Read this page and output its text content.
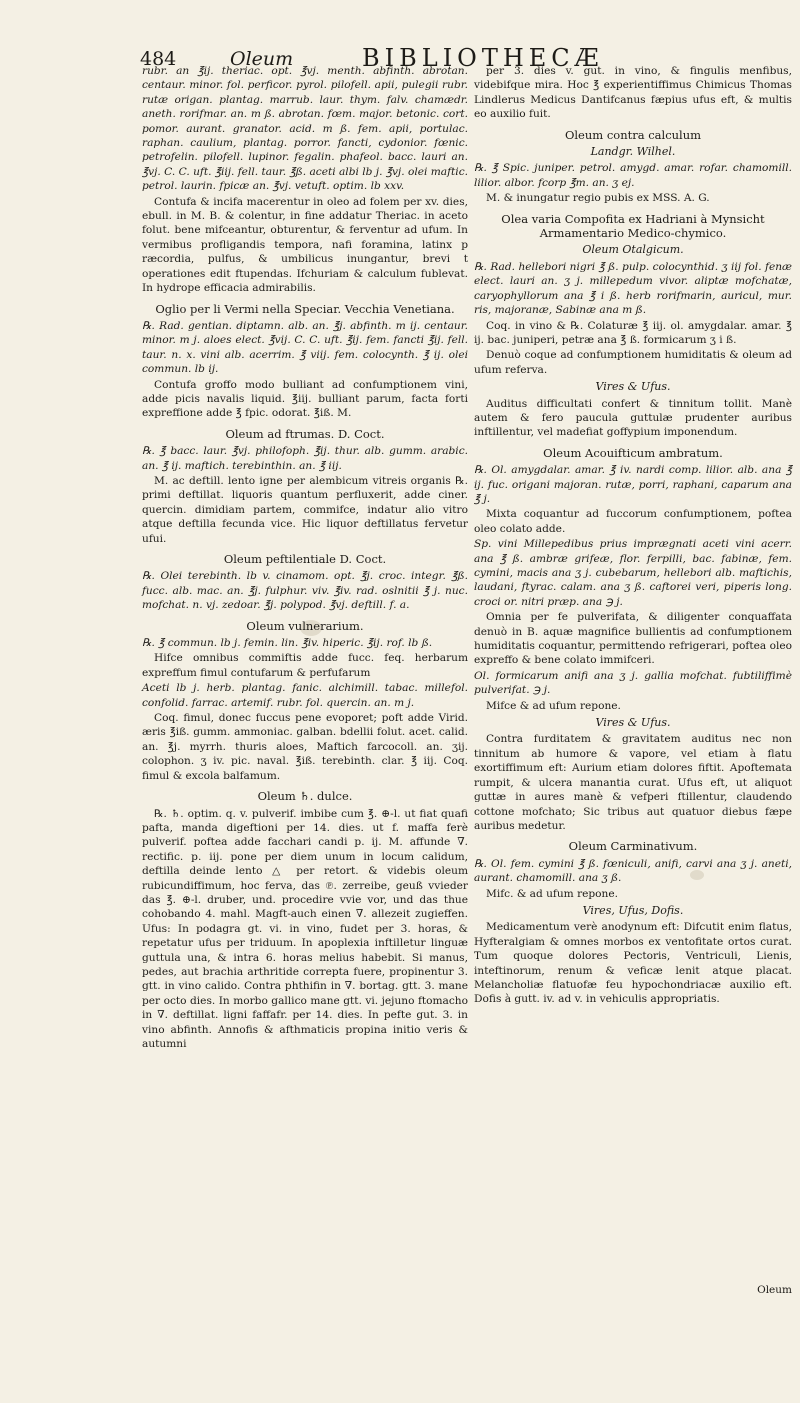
484	Oleum	BIBLIOTHECÆ

rubr. an ℥ij. theriac. opt. ℥vj. menth. abfinth. abrotan. centaur. minor. fol. perficor. pyrol. pilofell. apii, pulegii rubr. rutæ origan. plantag. marrub. laur. thym. falv. chamædr. aneth. rorifmar. an. m ß. abrotan. fœm. major. betonic. cort. pomor. aurant. granator. acid. m ß. fem. apii, portulac. raphan. caulium, plantag. porror. fancti, cydonior. fœnic. petrofelin. pilofell. lupinor. fegalin. phafeol. bacc. lauri an. ℥vj. C. C. uft. ℥iij. fell. taur. ℥ß. aceti albi lb j. ℥vj. olei maftic. petrol. laurin. fpicæ an. ℥vj. vetuft. optim. lb xxv.

Contufa & incifa macerentur in oleo ad folem per xv. dies, ebull. in M. B. & colentur, in fine addatur Theriac. in aceto folut. bene mifceantur, obturentur, & ferventur ad ufum. In vermibus profligandis tempora, nafi foramina, latinx p ræcordia, pulfus, & umbilicus inungantur, brevi t operationes edit ftupendas. Ifchuriam & calculum fublevat. In hydrope efficacia admirabilis.

Oglio per li Vermi nella Speciar. Vecchia Venetiana.

℞. Rad. gentian. diptamn. alb. an. ℥j. abfinth. m ij. centaur. minor. m j. aloes elect. ℥vij. C. C. uft. ℥ij. fem. fancti ℥ij. fell. taur. n. x. vini alb. acerrim. ℥ viij. fem. colocynth. ℥ ij. olei commun. lb ij.

Contufa groffo modo bulliant ad confumptionem vini, adde picis navalis liquid. ℥iij. bulliant parum, facta forti expreffione adde ℥ fpic. odorat. ℥iß. M.

Oleum ad ftrumas. D. Coct.

℞. ℥ bacc. laur. ℥vj. philofoph. ℥ij. thur. alb. gumm. arabic. an. ℥ ij. maftich. terebinthin. an. ℥ iij.

M. ac deftill. lento igne per alembicum vitreis organis ℞. primi deftillat. liquoris quantum perfluxerit, adde ciner. quercin. dimidiam partem, commifce, indatur alio vitro atque deftilla fecunda vice. Hic liquor deftillatus fervetur ufui.

Oleum peftilentiale D. Coct.

℞. Olei terebinth. lb v. cinamom. opt. ℥j. croc. integr. ℥ß. fucc. alb. mac. an. ℥j. fulphur. viv. ℥iv. rad. oslnitii ℥ j. nuc. mofchat. n. vj. zedoar. ℥j. polypod. ℥vj. deftill. f. a.

Oleum vulnerarium.

℞. ℥ commun. lb j. femin. lin. ℥iv. hiperic. ℥ij. rof. lb ß.

Hifce omnibus commiftis adde fucc. feq. herbarum expreffum fimul contufarum & perfufarum

Aceti lb j. herb. plantag. fanic. alchimill. tabac. millefol. confolid. farrac. artemif. rubr. fol. quercin. an. m j.

Coq. fimul, donec fuccus pene evoporet; poft adde Virid. æris ℥iß. gumm. ammoniac. galban. bdellii folut. acet. calid. an. ℥j. myrrh. thuris aloes, Maftich farcocoll. an. ʒij. colophon. ʒ iv. pic. naval. ℥iß. terebinth. clar. ℥ iij. Coq. fimul & excola balfamum.

Oleum ♄. dulce.

℞. ♄. optim. q. v. pulverif. imbibe cum ℥. ⊕-l. ut fiat quafi pafta, manda digeftioni per 14. dies. ut f. maffa ferè pulverif. poftea adde facchari candi p. ij. M. affunde ∇. rectific. p. iij. pone per diem unum in locum calidum, deftilla deinde lento △ per retort. & videbis oleum rubicundiffimum, hoc ferva, das ℗. zerreibe, geuß vvieder das ℥. ⊕-l. druber, und. procedire vvie vor, und das thue cohobando 4. mahl. Magft-auch einen ∇. allezeit zugieffen. Ufus: In podagra gt. vi. in vino, fudet per 3. horas, & repetatur ufus per triduum. In apoplexia inftilletur linguæ guttula una, & intra 6. horas melius habebit. Si manus, pedes, aut brachia arthritide correpta fuere, propinentur 3. gtt. in vino calido. Contra phthifin in ∇. bortag. gtt. 3. mane per octo dies. In morbo gallico mane gtt. vi. jejuno ftomacho in ∇. deftillat. ligni faffafr. per 14. dies. In pefte gut. 3. in vino abfinth. Annofis & afthmaticis propina initio veris & autumni

per 3. dies v. gut. in vino, & fingulis menfibus, videbifque mira. Hoc ℥ experientiffimus Chimicus Thomas Lindlerus Medicus Dantifcanus fæpius ufus eft, & multis eo auxilio fuit.

Oleum contra calculum
Landgr. Wilhel.

℞. ℥ Spic. juniper. petrol. amygd. amar. rofar. chamomill. lilior. albor. fcorp ℥m. an. ʒ ej.

M. & inungatur regio pubis ex MSS. A. G.

Olea varia Compofita ex Hadriani à Mynsicht Armamentario Medico-chymico.
Oleum Otalgicum.

℞. Rad. hellebori nigri ℥ ß. pulp. colocynthid. ʒ iij fol. fenæ elect. lauri an. ʒ j. millepedum vivor. aliptæ mofchatæ, caryophyllorum ana ℥ i ß. herb rorifmarin, auricul, mur. ris, majoranæ, Sabinæ ana m ß.

Coq. in vino & ℞. Colaturæ ℥ iij. ol. amygdalar. amar. ℥ ij. bac. juniperi, petræ ana ℥ ß. formicarum ʒ i ß.

Denuò coque ad confumptionem humiditatis & oleum ad ufum referva.

Vires & Ufus.

Auditus difficultati confert & tinnitum tollit. Manè autem & fero paucula guttulæ prudenter auribus inftillentur, vel madefiat goffypium imponendum.

Oleum Acouifticum ambratum.

℞. Ol. amygdalar. amar. ℥ iv. nardi comp. lilior. alb. ana ℥ ij. fuc. origani majoran. rutæ, porri, raphani, caparum ana ℥ j.

Mixta coquantur ad fuccorum confumptionem, poftea oleo colato adde.

Sp. vini Millepedibus prius imprægnati aceti vini acerr. ana ℥ ß. ambræ grifeæ, flor. ferpilli, bac. fabinæ, fem. cymini, macis ana ʒ j. cubebarum, hellebori alb. maftichis, laudani, ftyrac. calam. ana ʒ ß. caftorei veri, piperis long. croci or. nitri præp. ana ℈ j.

Omnia per fe pulverifata, & diligenter conquaffata denuò in B. aquæ magnifice bullientis ad confumptionem humiditatis coquantur, permittendo refrigerari, poftea oleo expreffo & bene colato immifceri.

Ol. formicarum anifi ana ʒ j. gallia mofchat. fubtiliffimè pulverifat. ℈ j.

Mifce & ad ufum repone.

Vires & Ufus.

Contra furditatem & gravitatem auditus nec non tinnitum ab humore & vapore, vel etiam à flatu exortiffimum eft: Aurium etiam dolores fiftit. Apoftemata rumpit, & ulcera manantia curat. Ufus eft, ut aliquot guttæ in aures manè & vefperi ftillentur, claudendo cottone mofchato; Sic tribus aut quatuor diebus fæpe auribus medetur.

Oleum Carminativum.

℞. Ol. fem. cymini ℥ ß. fœniculi, anifi, carvi ana ʒ j. aneti, aurant. chamomill. ana ʒ ß.

Mifc. & ad ufum repone.

Vires, Ufus, Dofis.

Medicamentum verè anodynum eft: Difcutit enim flatus, Hyfteralgiam & omnes morbos ex ventofitate ortos curat. Tum quoque dolores Pectoris, Ventriculi, Lienis, inteftinorum, renum & veficæ lenit atque placat. Melancholiæ flatuofæ feu hypochondriacæ auxilio eft. Dofis à gutt. iv. ad v. in vehiculis appropriatis.

Oleum
